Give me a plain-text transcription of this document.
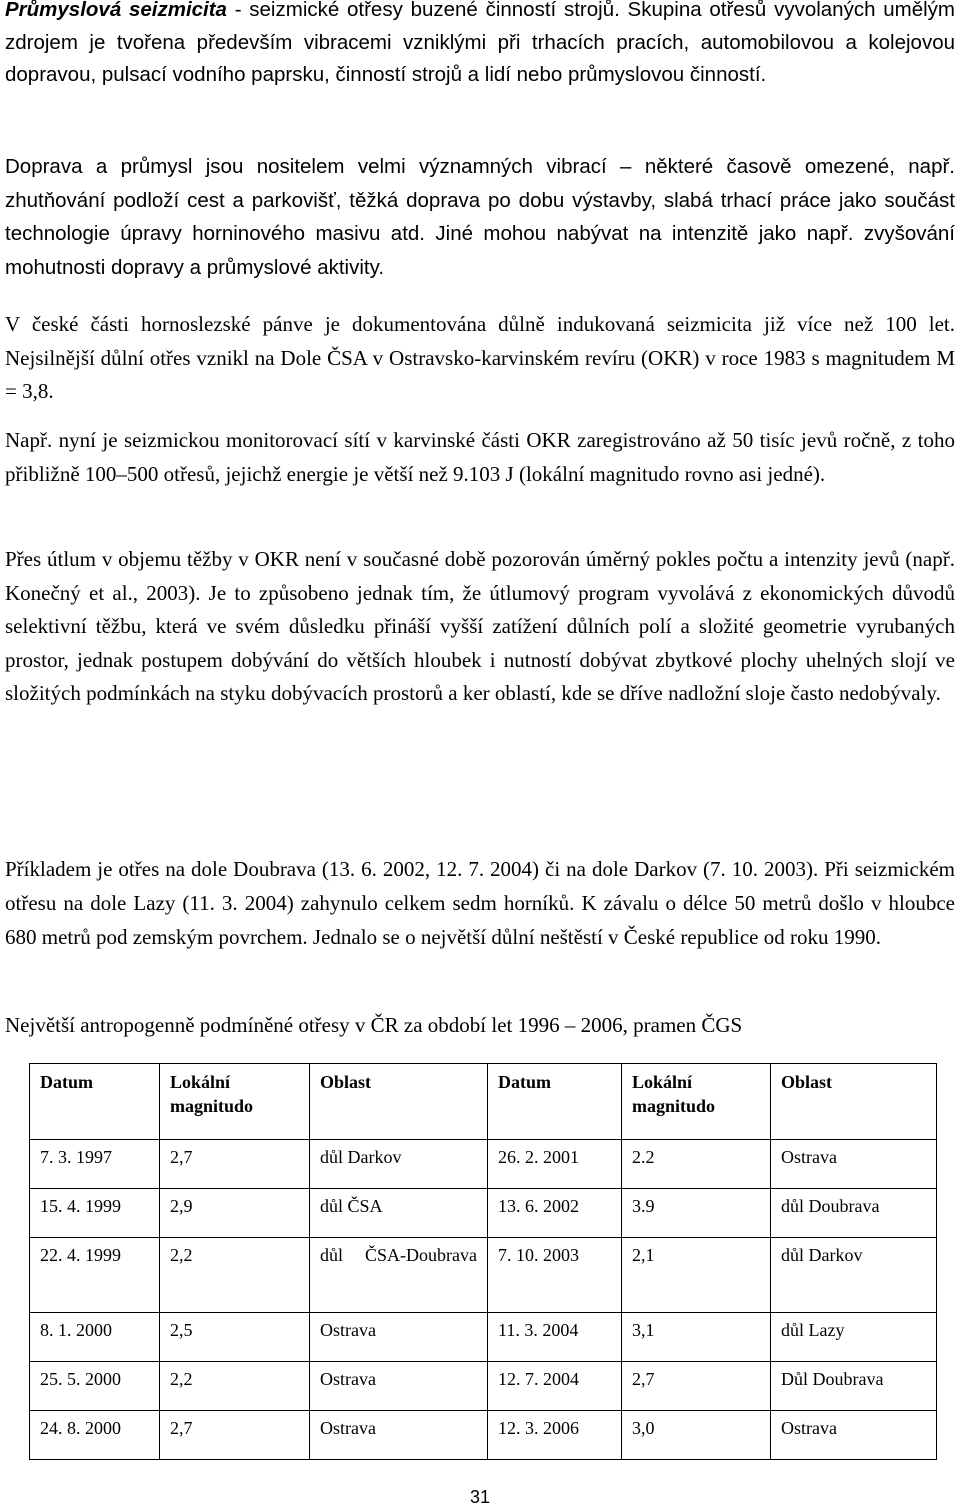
Průmyslová seizmicita - seizmické otřesy buzené činností strojů. Skupina otřesů vyvolaných umělým zdrojem je tvořena především vibracemi vzniklými při trhacích pracích, automobilovou a kolejovou dopravou, pulsací vodního paprsku, činností strojů a lidí nebo průmyslovou činností.

Doprava a průmysl jsou nositelem velmi významných vibrací – některé časově omezené, např. zhutňování podloží cest a parkovišť, těžká doprava po dobu výstavby, slabá trhací práce jako součást technologie úpravy horninového masivu atd. Jiné mohou nabývat na intenzitě jako např. zvyšování mohutnosti dopravy a průmyslové aktivity.

V české části hornoslezské pánve je dokumentována důlně indukovaná seizmicita již více než 100 let. Nejsilnější důlní otřes vznikl na Dole ČSA v Ostravsko-karvinském revíru (OKR) v roce 1983 s magnitudem M = 3,8.

Např. nyní je seizmickou monitorovací sítí v karvinské části OKR zaregistrováno až 50 tisíc jevů ročně, z toho přibližně 100–500 otřesů, jejichž energie je větší než 9.103 J (lokální magnitudo rovno asi jedné).

Přes útlum v objemu těžby v OKR není v současné době pozorován úměrný pokles počtu a intenzity jevů (např. Konečný et al., 2003). Je to způsobeno jednak tím, že útlumový program vyvolává z ekonomických důvodů selektivní těžbu, která ve svém důsledku přináší vyšší zatížení důlních polí a složité geometrie vyrubaných prostor, jednak postupem dobývání do větších hloubek i nutností dobývat zbytkové plochy uhelných slojí ve složitých podmínkách na styku dobývacích prostorů a ker oblastí, kde se dříve nadložní sloje často nedobývaly.

Příkladem je otřes na dole Doubrava (13. 6. 2002, 12. 7. 2004) či na dole Darkov (7. 10. 2003). Při seizmickém otřesu na dole Lazy (11. 3. 2004) zahynulo celkem sedm horníků. K závalu o délce 50 metrů došlo v hloubce 680 metrů pod zemským povrchem. Jednalo se o největší důlní neštěstí v České republice od roku 1990.

Největší antropogenně podmíněné otřesy v ČR za období let 1996 – 2006, pramen ČGS

Datum	Lokální magnitudo	Oblast	Datum	Lokální magnitudo	Oblast
7. 3. 1997	2,7	důl Darkov	26. 2. 2001	2.2	Ostrava
15. 4. 1999	2,9	důl ČSA	13. 6. 2002	3.9	důl Doubrava
22. 4. 1999	2,2	důl ČSA-Doubrava	7. 10. 2003	2,1	důl Darkov
8. 1. 2000	2,5	Ostrava	11. 3. 2004	3,1	důl Lazy
25. 5. 2000	2,2	Ostrava	12. 7. 2004	2,7	Důl Doubrava
24. 8. 2000	2,7	Ostrava	12. 3. 2006	3,0	Ostrava
31
